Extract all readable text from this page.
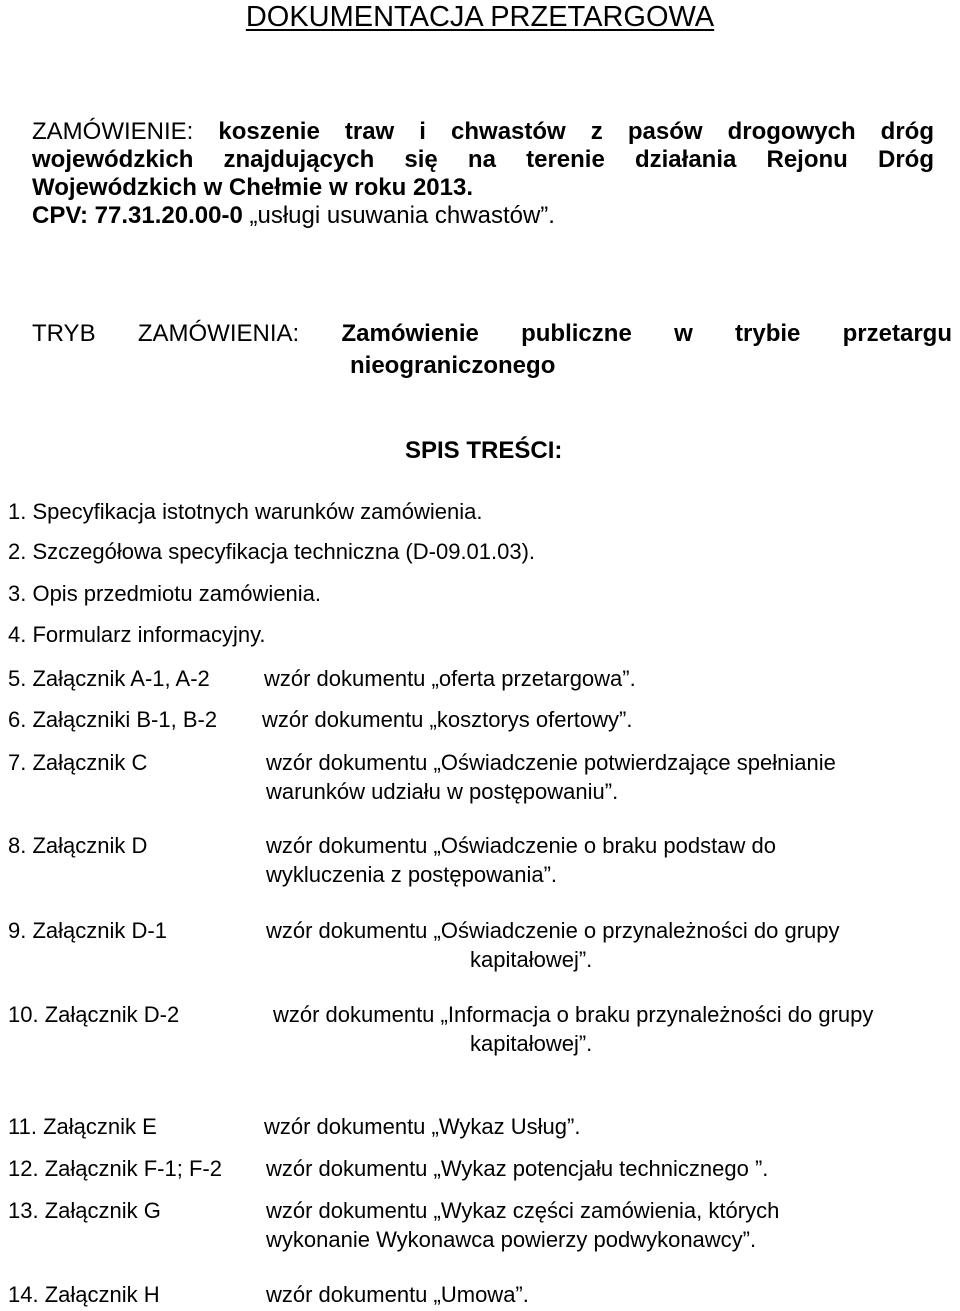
DOKUMENTACJA PRZETARGOWA
ZAMÓWIENIE: koszenie traw i chwastów z pasów drogowych dróg
wojewódzkich znajdujących się na terenie działania Rejonu Dróg
Wojewódzkich w Chełmie w roku 2013.
CPV: 77.31.20.00-0 „usługi usuwania chwastów”.
TRYB ZAMÓWIENIA: Zamówienie publiczne w trybie przetargu
nieograniczonego
SPIS TREŚCI:
1. Specyfikacja istotnych warunków zamówienia.
2. Szczegółowa specyfikacja techniczna (D-09.01.03).
3. Opis przedmiotu zamówienia.
4. Formularz informacyjny.
5. Załącznik A-1, A-2 wzór dokumentu „oferta przetargowa”.
6. Załączniki B-1, B-2 wzór dokumentu „kosztorys ofertowy”.
7. Załącznik C	wzór dokumentu „Oświadczenie potwierdzające spełnianie
warunków udziału w postępowaniu”.
8. Załącznik D	wzór dokumentu „Oświadczenie o braku podstaw do
wykluczenia z postępowania”.
9. Załącznik D-1	wzór dokumentu „Oświadczenie o przynależności do grupy
kapitałowej”.
10. Załącznik D-2	wzór dokumentu „Informacja o braku przynależności do grupy
kapitałowej”.
11. Załącznik E	wzór dokumentu „Wykaz Usług”.
12. Załącznik F-1; F-2 wzór dokumentu „Wykaz potencjału technicznego ”.
13. Załącznik G	wzór dokumentu „Wykaz części zamówienia, których
wykonanie Wykonawca powierzy podwykonawcy”.
14. Załącznik H	wzór dokumentu „Umowa”.
